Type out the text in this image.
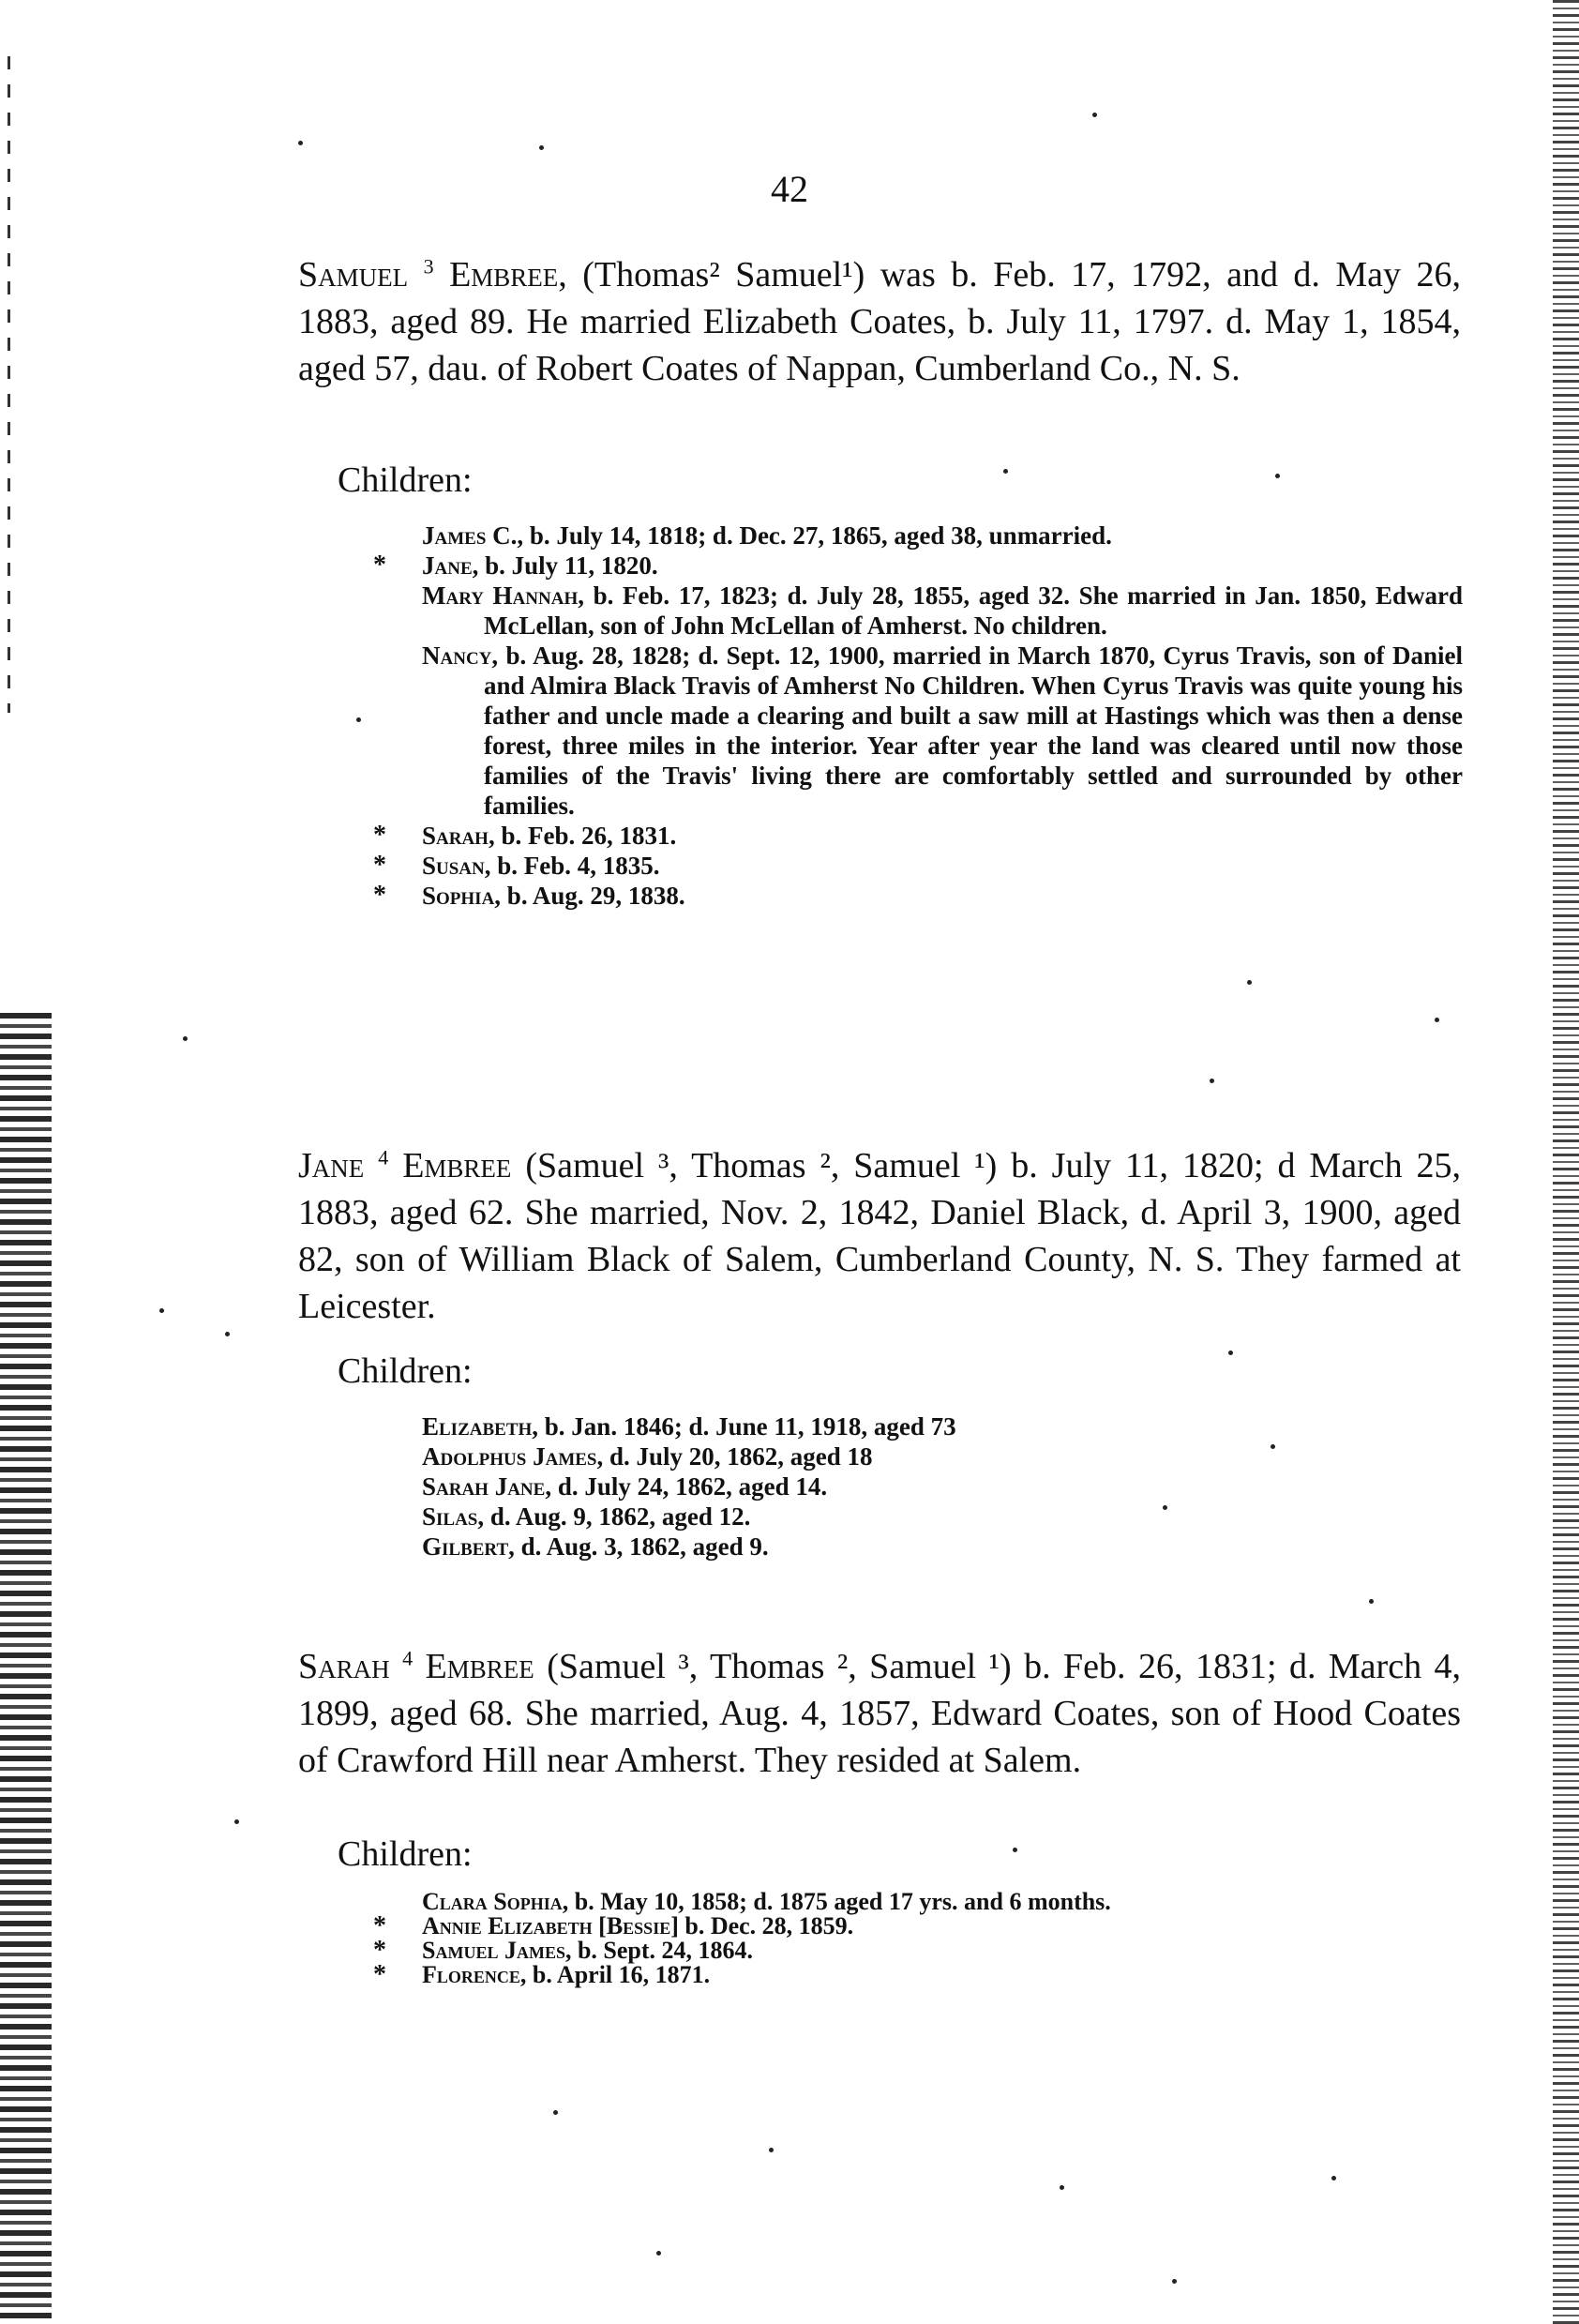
42
Samuel $^3$ Embree, (Thomas² Samuel¹) was b. Feb. 17, 1792, and d. May 26, 1883, aged 89. He married Elizabeth Coates, b. July 11, 1797. d. May 1, 1854, aged 57, dau. of Robert Coates of Nappan, Cumberland Co., N. S.
Children:
James C., b. July 14, 1818; d. Dec. 27, 1865, aged 38, unmarried.
* Jane, b. July 11, 1820.
Mary Hannah, b. Feb. 17, 1823; d. July 28, 1855, aged 32. She married in Jan. 1850, Edward McLellan, son of John McLellan of Amherst. No children.
Nancy, b. Aug. 28, 1828; d. Sept. 12, 1900, married in March 1870, Cyrus Travis, son of Daniel and Almira Black Travis of Amherst No Children. When Cyrus Travis was quite young his father and uncle made a clearing and built a saw mill at Hastings which was then a dense forest, three miles in the interior. Year after year the land was cleared until now those families of the Travis' living there are comfortably settled and surrounded by other families.
* Sarah, b. Feb. 26, 1831.
* Susan, b. Feb. 4, 1835.
* Sophia, b. Aug. 29, 1838.
Jane $^4$ Embree (Samuel ³, Thomas ², Samuel ¹) b. July 11, 1820; d March 25, 1883, aged 62. She married, Nov. 2, 1842, Daniel Black, d. April 3, 1900, aged 82, son of William Black of Salem, Cumberland County, N. S. They farmed at Leicester.
Children:
Elizabeth, b. Jan. 1846; d. June 11, 1918, aged 73
Adolphus James, d. July 20, 1862, aged 18
Sarah Jane, d. July 24, 1862, aged 14.
Silas, d. Aug. 9, 1862, aged 12.
Gilbert, d. Aug. 3, 1862, aged 9.
Sarah $^4$ Embree (Samuel ³, Thomas ², Samuel ¹) b. Feb. 26, 1831; d. March 4, 1899, aged 68. She married, Aug. 4, 1857, Edward Coates, son of Hood Coates of Crawford Hill near Amherst. They resided at Salem.
Children:
Clara Sophia, b. May 10, 1858; d. 1875 aged 17 yrs. and 6 months.
* Annie Elizabeth [Bessie] b. Dec. 28, 1859.
* Samuel James, b. Sept. 24, 1864.
* Florence, b. April 16, 1871.
